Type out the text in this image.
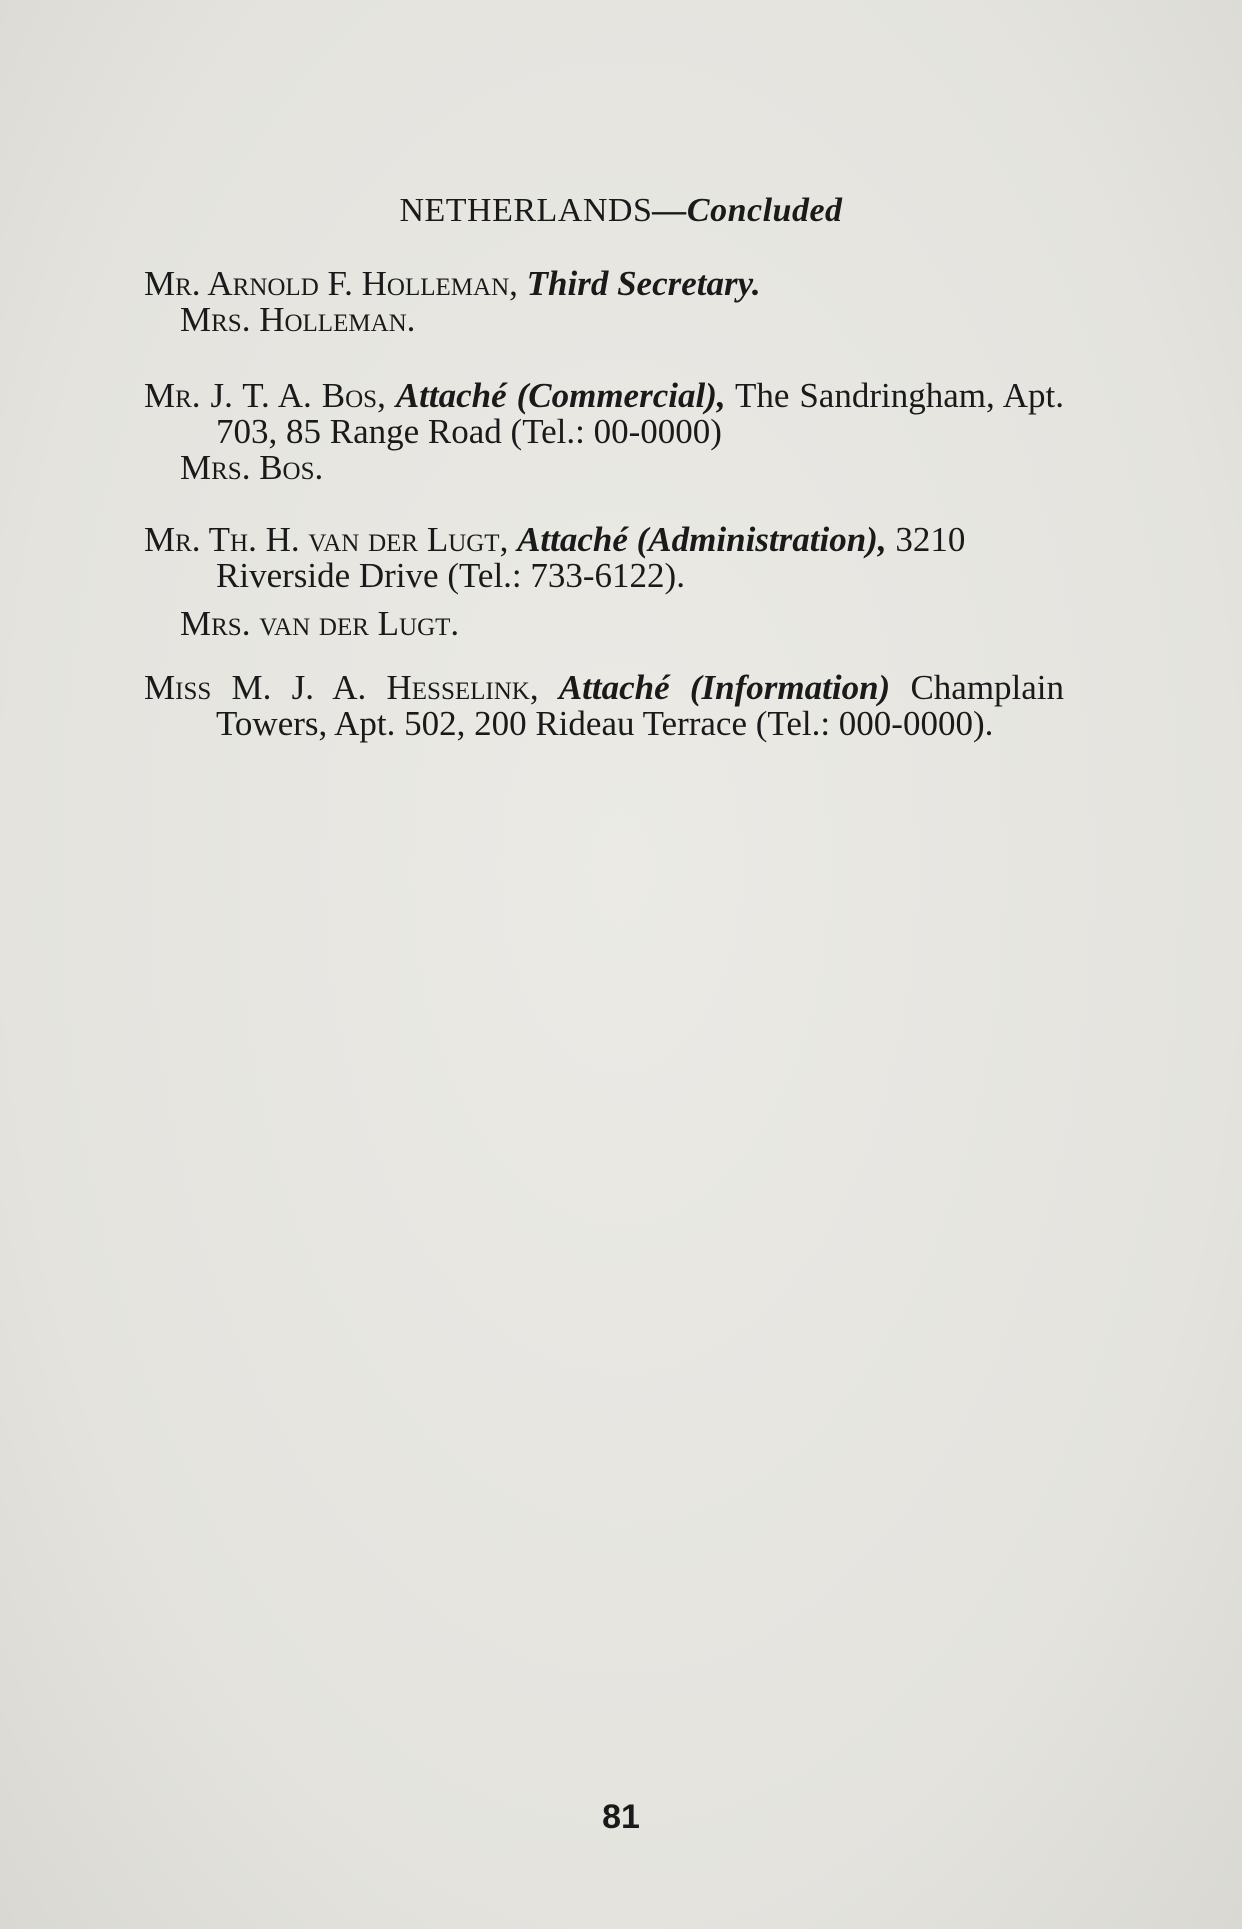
NETHERLANDS—Concluded
Mr. Arnold F. Holleman, Third Secretary.
Mrs. Holleman.
Mr. J. T. A. Bos, Attaché (Commercial), The Sandringham, Apt. 703, 85 Range Road (Tel.: 00-0000)
Mrs. Bos.
Mr. Th. H. van der Lugt, Attaché (Administration), 3210 Riverside Drive (Tel.: 733-6122).
Mrs. van der Lugt.
Miss M. J. A. Hesselink, Attaché (Information) Champlain Towers, Apt. 502, 200 Rideau Terrace (Tel.: 000-0000).
81
